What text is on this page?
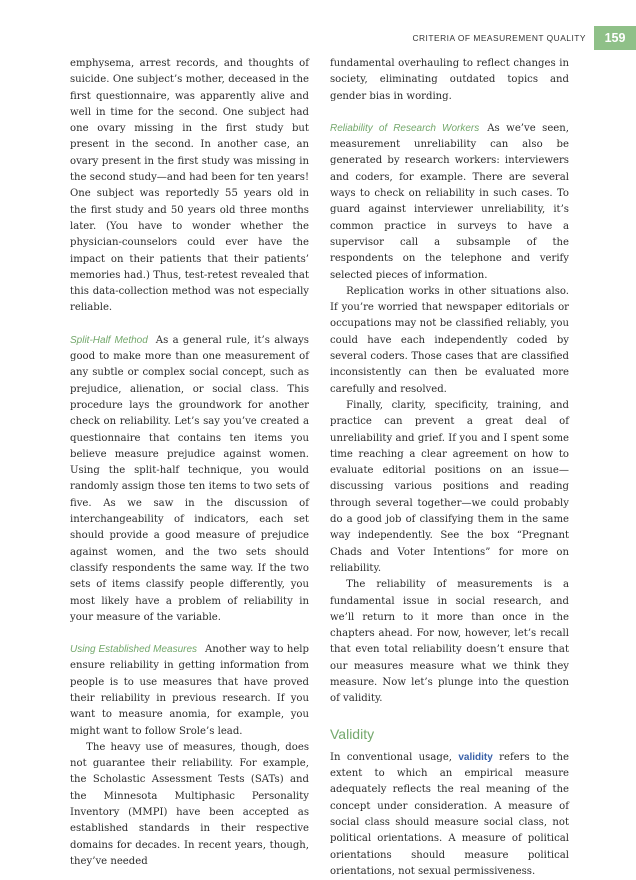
CRITERIA OF MEASUREMENT QUALITY	159

emphysema, arrest records, and thoughts of suicide. One subject’s mother, deceased in the first questionnaire, was apparently alive and well in time for the second. One subject had one ovary missing in the first study but present in the second. In another case, an ovary present in the first study was missing in the second study—and had been for ten years! One subject was reportedly 55 years old in the first study and 50 years old three months later. (You have to wonder whether the physician-counselors could ever have the impact on their patients that their patients’ memories had.) Thus, test-retest revealed that this data-collection method was not especially reliable.

Split-Half Method As a general rule, it’s always good to make more than one measurement of any subtle or complex social concept, such as prejudice, alienation, or social class. This procedure lays the groundwork for another check on reliability. Let’s say you’ve created a questionnaire that contains ten items you believe measure prejudice against women. Using the split-half technique, you would randomly assign those ten items to two sets of five. As we saw in the discussion of interchangeability of indicators, each set should provide a good measure of prejudice against women, and the two sets should classify respondents the same way. If the two sets of items classify people differently, you most likely have a problem of reliability in your measure of the variable.

Using Established Measures Another way to help ensure reliability in getting information from people is to use measures that have proved their reliability in previous research. If you want to measure anomia, for example, you might want to follow Srole’s lead.

The heavy use of measures, though, does not guarantee their reliability. For example, the Scholastic Assessment Tests (SATs) and the Minnesota Multiphasic Personality Inventory (MMPI) have been accepted as established standards in their respective domains for decades. In recent years, though, they’ve needed

fundamental overhauling to reflect changes in society, eliminating outdated topics and gender bias in wording.

Reliability of Research Workers As we’ve seen, measurement unreliability can also be generated by research workers: interviewers and coders, for example. There are several ways to check on reliability in such cases. To guard against interviewer unreliability, it’s common practice in surveys to have a supervisor call a subsample of the respondents on the telephone and verify selected pieces of information.

Replication works in other situations also. If you’re worried that newspaper editorials or occupations may not be classified reliably, you could have each independently coded by several coders. Those cases that are classified inconsistently can then be evaluated more carefully and resolved.

Finally, clarity, specificity, training, and practice can prevent a great deal of unreliability and grief. If you and I spent some time reaching a clear agreement on how to evaluate editorial positions on an issue—discussing various positions and reading through several together—we could probably do a good job of classifying them in the same way independently. See the box “Pregnant Chads and Voter Intentions” for more on reliability.

The reliability of measurements is a fundamental issue in social research, and we’ll return to it more than once in the chapters ahead. For now, however, let’s recall that even total reliability doesn’t ensure that our measures measure what we think they measure. Now let’s plunge into the question of validity.

Validity

In conventional usage, validity refers to the extent to which an empirical measure adequately reflects the real meaning of the concept under consideration. A measure of social class should measure social class, not political orientations. A measure of political orientations should measure political orientations, not sexual permissiveness.
